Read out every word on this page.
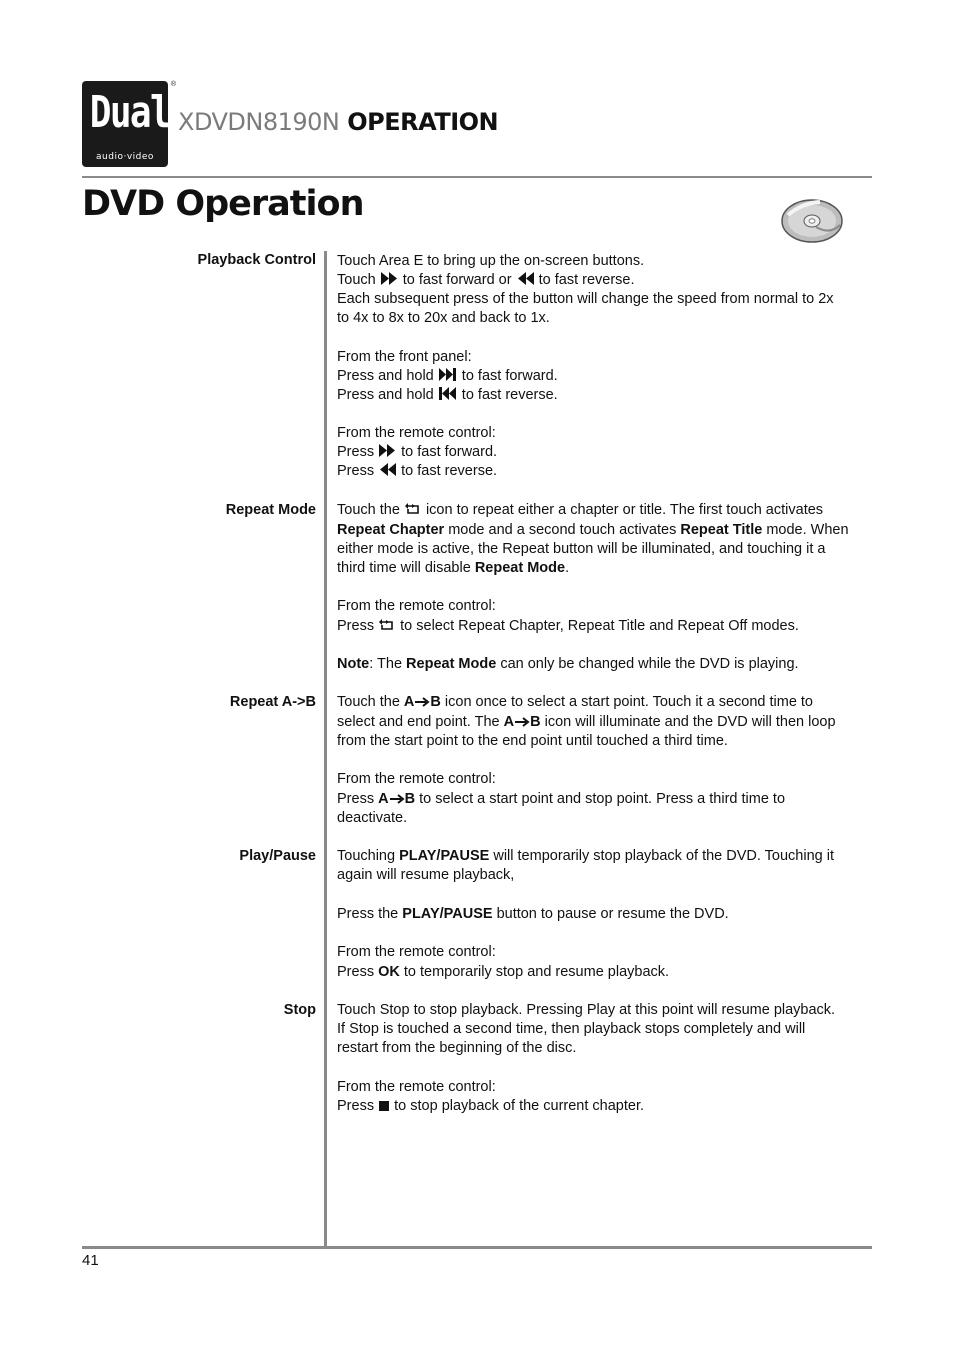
Dual
audio·video
®
XDVDN8190N OPERATION
DVD Operation
Playback Control Touch Area E to bring up the on-screen buttons.
Touch to fast forward or to fast reverse.
Each subsequent press of the button will change the speed from normal to 2x
to 4x to 8x to 20x and back to 1x.
From the front panel:
Press and hold to fast forward.
Press and hold to fast reverse.
From the remote control:
Press to fast forward.
Press to fast reverse.
Repeat Mode Touch the icon to repeat either a chapter or title. The first touch activates
Repeat Chapter mode and a second touch activates Repeat Title mode. When
either mode is active, the Repeat button will be illuminated, and touching it a
third time will disable Repeat Mode.
From the remote control:
Press to select Repeat Chapter, Repeat Title and Repeat Off modes.
Note: The Repeat Mode can only be changed while the DVD is playing.
Repeat A->B Touch the A B icon once to select a start point. Touch it a second time to
select and end point. The A B icon will illuminate and the DVD will then loop
from the start point to the end point until touched a third time.
From the remote control:
Press A B to select a start point and stop point. Press a third time to
deactivate.
Play/Pause Touching PLAY/PAUSE will temporarily stop playback of the DVD. Touching it
again will resume playback,
Press the PLAY/PAUSE button to pause or resume the DVD.
From the remote control:
Press OK to temporarily stop and resume playback.
Stop Touch Stop to stop playback. Pressing Play at this point will resume playback.
If Stop is touched a second time, then playback stops completely and will
restart from the beginning of the disc.
From the remote control:
Press to stop playback of the current chapter.
41
